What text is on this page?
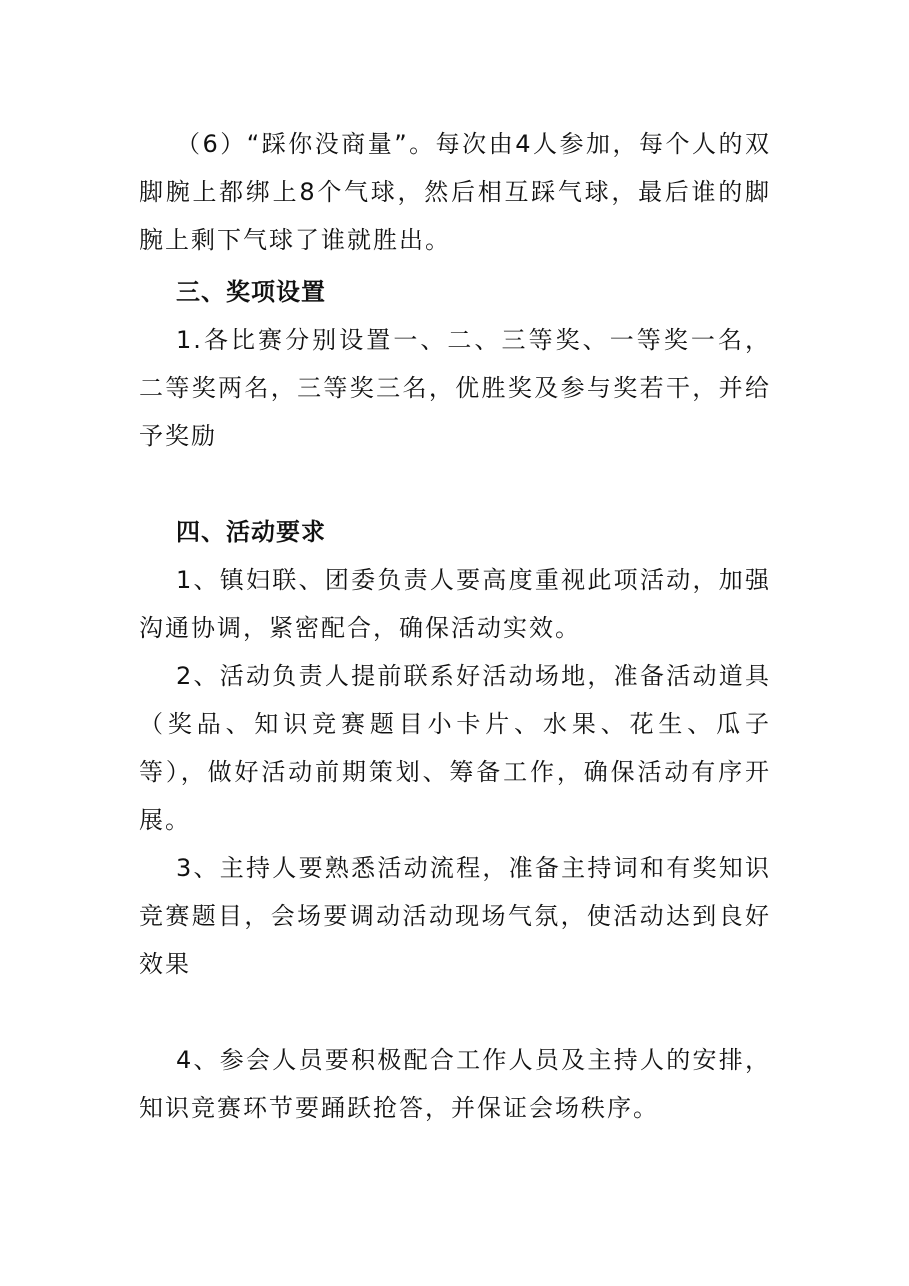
（6）“踩你没商量”。每次由4人参加，每个人的双脚腕上都绑上8个气球，然后相互踩气球，最后谁的脚腕上剩下气球了谁就胜出。

三、奖项设置

1.各比赛分别设置一、二、三等奖、一等奖一名，二等奖两名，三等奖三名，优胜奖及参与奖若干，并给予奖励

四、活动要求

1、镇妇联、团委负责人要高度重视此项活动，加强沟通协调，紧密配合，确保活动实效。

2、活动负责人提前联系好活动场地，准备活动道具（奖品、知识竞赛题目小卡片、水果、花生、瓜子等），做好活动前期策划、筹备工作，确保活动有序开展。

3、主持人要熟悉活动流程，准备主持词和有奖知识竞赛题目，会场要调动活动现场气氛，使活动达到良好效果

4、参会人员要积极配合工作人员及主持人的安排，知识竞赛环节要踊跃抢答，并保证会场秩序。
